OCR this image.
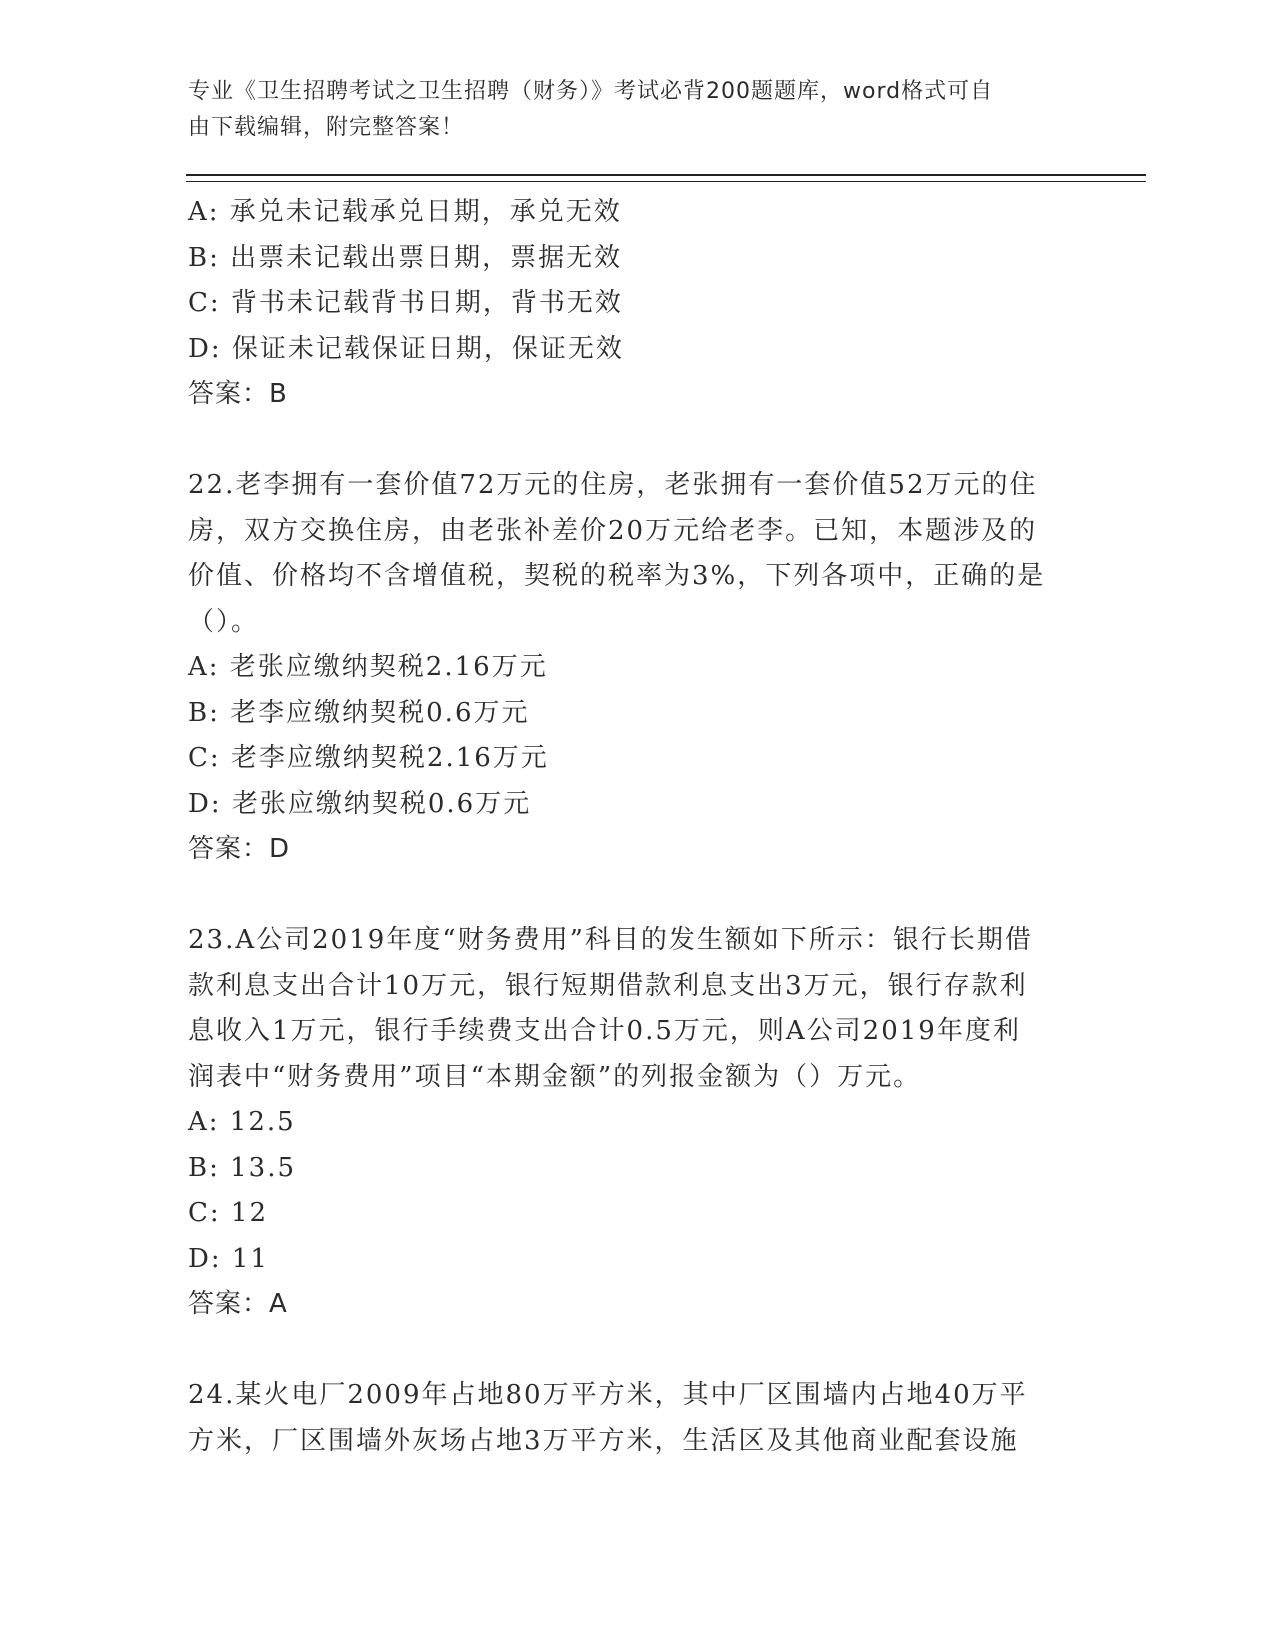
专业《卫生招聘考试之卫生招聘（财务）》考试必背200题题库，word格式可自
由下载编辑，附完整答案！
A: 承兑未记载承兑日期，承兑无效
B: 出票未记载出票日期，票据无效
C: 背书未记载背书日期，背书无效
D: 保证未记载保证日期，保证无效
答案：B
22.老李拥有一套价值72万元的住房，老张拥有一套价值52万元的住
房，双方交换住房，由老张补差价20万元给老李。已知，本题涉及的
价值、价格均不含增值税，契税的税率为3%，下列各项中，正确的是
（）。
A: 老张应缴纳契税2.16万元
B: 老李应缴纳契税0.6万元
C: 老李应缴纳契税2.16万元
D: 老张应缴纳契税0.6万元
答案：D
23.A公司2019年度“财务费用”科目的发生额如下所示：银行长期借
款利息支出合计10万元，银行短期借款利息支出3万元，银行存款利
息收入1万元，银行手续费支出合计0.5万元，则A公司2019年度利
润表中“财务费用”项目“本期金额”的列报金额为（）万元。
A: 12.5
B: 13.5
C: 12
D: 11
答案：A
24.某火电厂2009年占地80万平方米，其中厂区围墙内占地40万平
方米，厂区围墙外灰场占地3万平方米，生活区及其他商业配套设施
